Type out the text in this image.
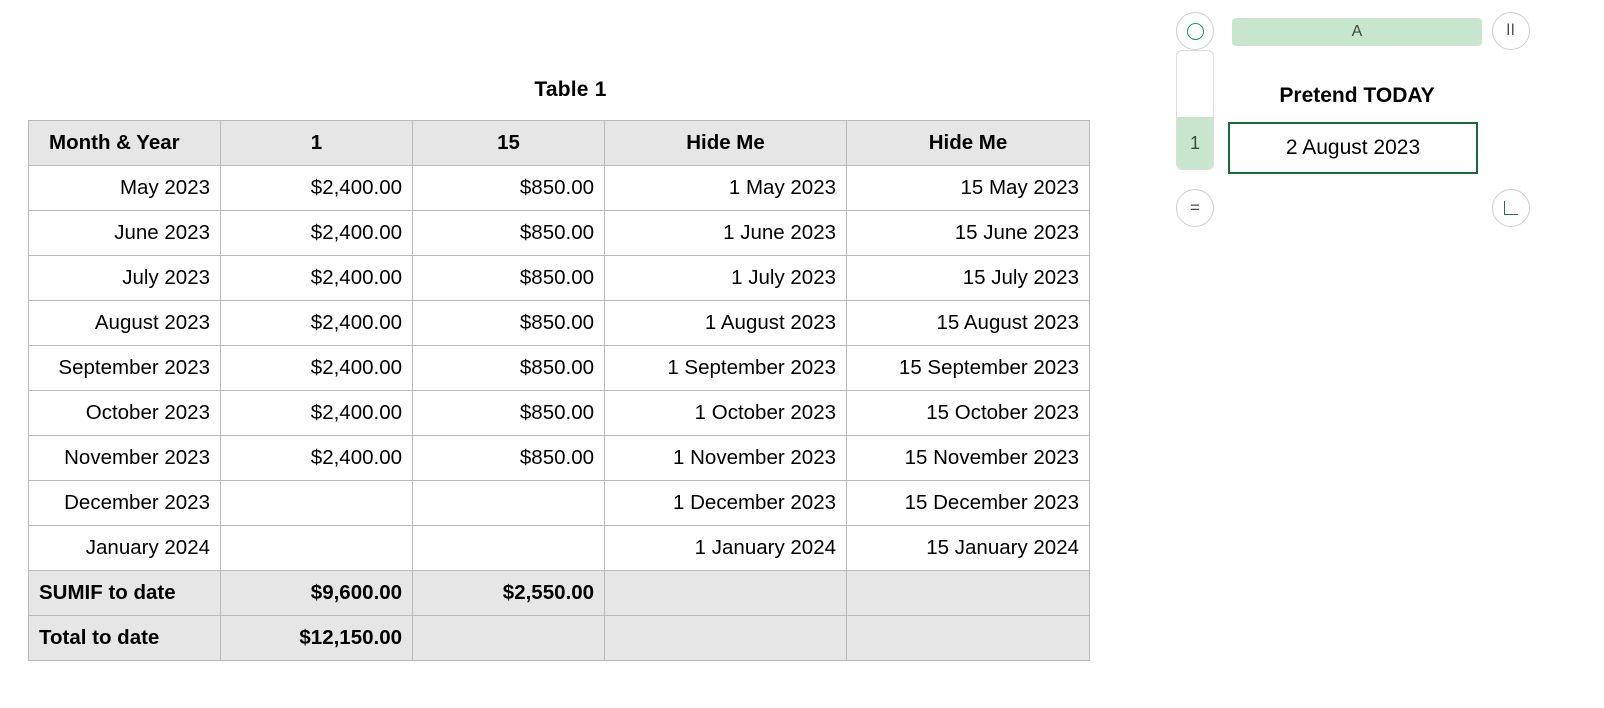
Table 1
Month & Year	1	15	Hide Me	Hide Me
May 2023	$2,400.00	$850.00	1 May 2023	15 May 2023
June 2023	$2,400.00	$850.00	1 June 2023	15 June 2023
July 2023	$2,400.00	$850.00	1 July 2023	15 July 2023
August 2023	$2,400.00	$850.00	1 August 2023	15 August 2023
September 2023	$2,400.00	$850.00	1 September 2023	15 September 2023
October 2023	$2,400.00	$850.00	1 October 2023	15 October 2023
November 2023	$2,400.00	$850.00	1 November 2023	15 November 2023
December 2023			1 December 2023	15 December 2023
January 2024			1 January 2024	15 January 2024
SUMIF to date	$9,600.00	$2,550.00		
Total to date	$12,150.00			
A	ll
1
Pretend TODAY
2 August 2023
=
